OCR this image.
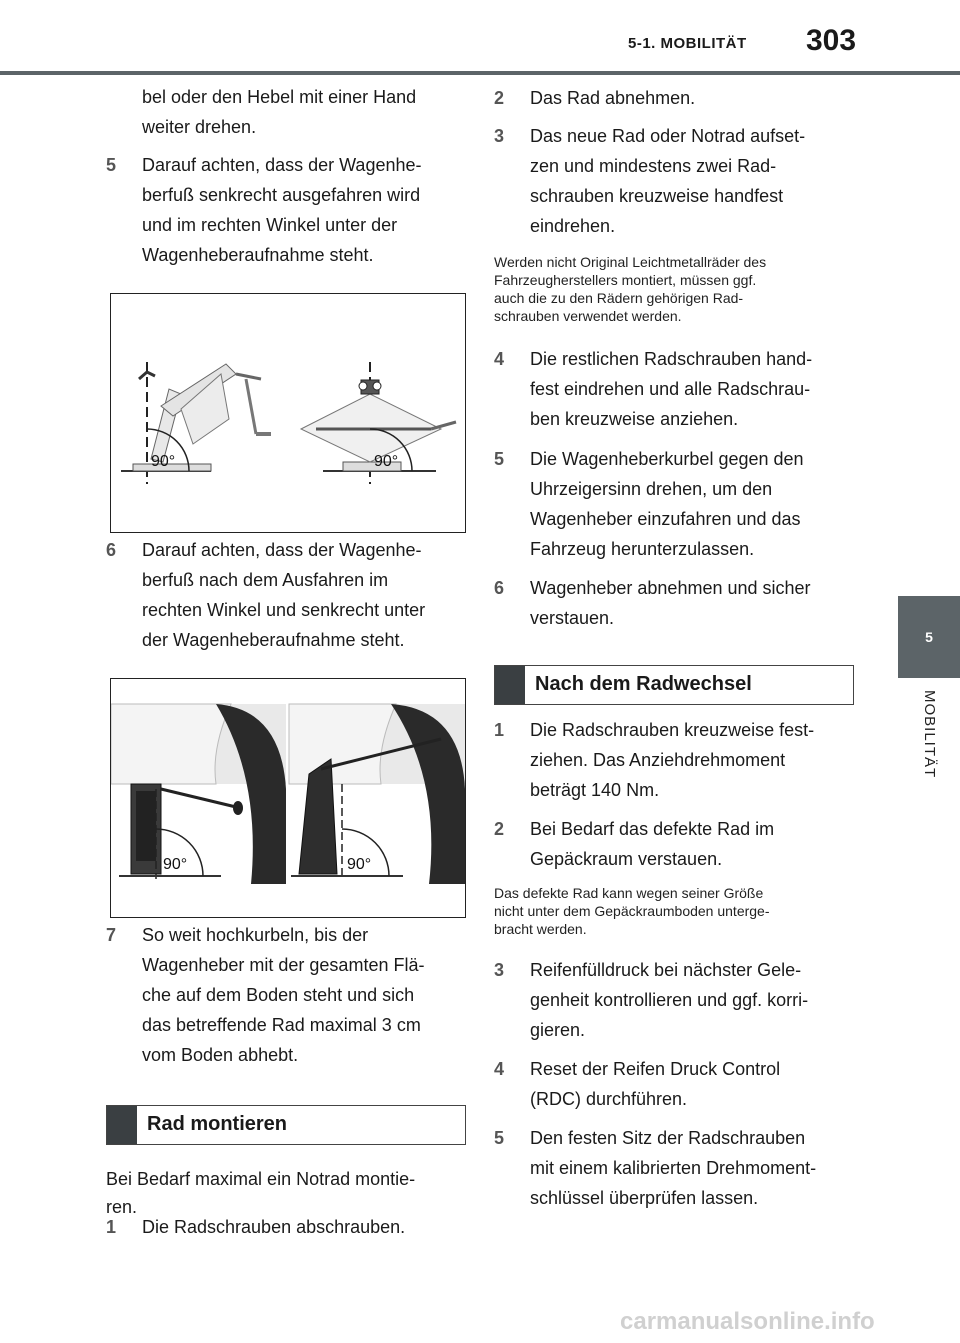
5-1. MOBILITÄT 303
5
MOBILITÄT
bel oder den Hebel mit einer Hand
weiter drehen.
5 Darauf achten, dass der Wagenhe-
berfuß senkrecht ausgefahren wird
und im rechten Winkel unter der
Wagenheberaufnahme steht.
90°	90°
6 Darauf achten, dass der Wagenhe-
berfuß nach dem Ausfahren im
rechten Winkel und senkrecht unter
der Wagenheberaufnahme steht.
90°	90°
7 So weit hochkurbeln, bis der
Wagenheber mit der gesamten Flä-
che auf dem Boden steht und sich
das betreffende Rad maximal 3 cm
vom Boden abhebt.
Rad montieren
Bei Bedarf maximal ein Notrad montie-
ren.
1 Die Radschrauben abschrauben.
2 Das Rad abnehmen.
3 Das neue Rad oder Notrad aufset-
zen und mindestens zwei Rad-
schrauben kreuzweise handfest
eindrehen.
Werden nicht Original Leichtmetallräder des
Fahrzeugherstellers montiert, müssen ggf.
auch die zu den Rädern gehörigen Rad-
schrauben verwendet werden.
4 Die restlichen Radschrauben hand-
fest eindrehen und alle Radschrau-
ben kreuzweise anziehen.
5 Die Wagenheberkurbel gegen den
Uhrzeigersinn drehen, um den
Wagenheber einzufahren und das
Fahrzeug herunterzulassen.
6 Wagenheber abnehmen und sicher
verstauen.
Nach dem Radwechsel
1 Die Radschrauben kreuzweise fest-
ziehen. Das Anziehdrehmoment
beträgt 140 Nm.
2 Bei Bedarf das defekte Rad im
Gepäckraum verstauen.
Das defekte Rad kann wegen seiner Größe
nicht unter dem Gepäckraumboden unterge-
bracht werden.
3 Reifenfülldruck bei nächster Gele-
genheit kontrollieren und ggf. korri-
gieren.
4 Reset der Reifen Druck Control
(RDC) durchführen.
5 Den festen Sitz der Radschrauben
mit einem kalibrierten Drehmoment-
schlüssel überprüfen lassen.
carmanualsonline.info
